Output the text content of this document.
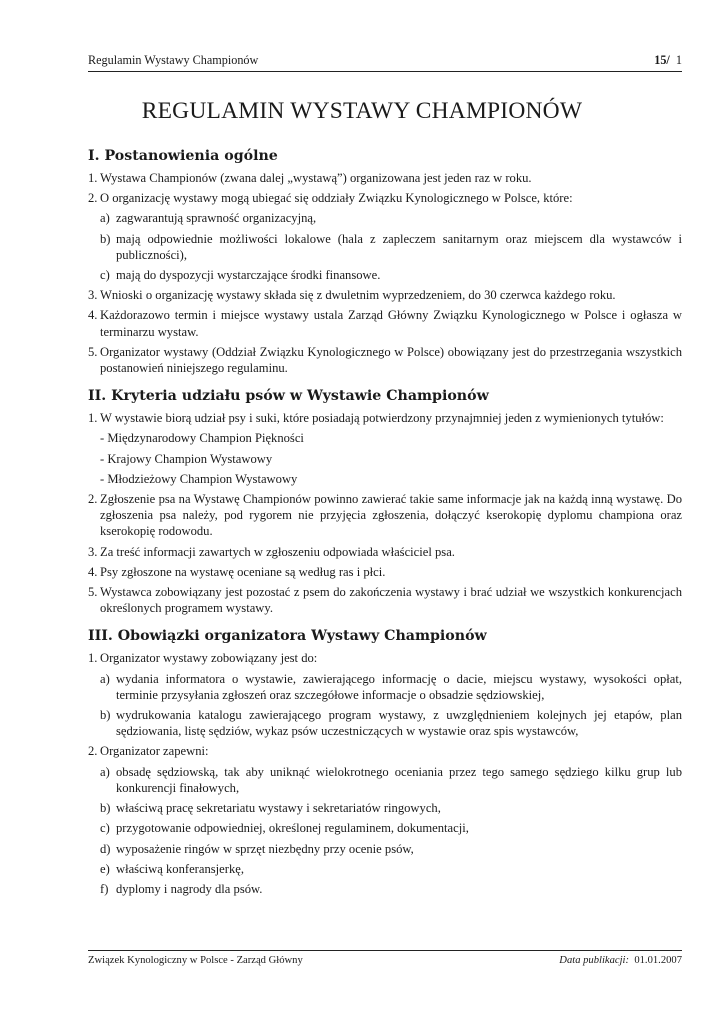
Regulamin Wystawy Championów	15/ 1
REGULAMIN WYSTAWY CHAMPIONÓW
I. Postanowienia ogólne
1. Wystawa Championów (zwana dalej „wystawą”) organizowana jest jeden raz w roku.
2. O organizację wystawy mogą ubiegać się oddziały Związku Kynologicznego w Polsce, które:
a) zagwarantują sprawność organizacyjną,
b) mają odpowiednie możliwości lokalowe (hala z zapleczem sanitarnym oraz miejscem dla wystawców i publiczności),
c) mają do dyspozycji wystarczające środki finansowe.
3. Wnioski o organizację wystawy składa się z dwuletnim wyprzedzeniem, do 30 czerwca każdego roku.
4. Każdorazowo termin i miejsce wystawy ustala Zarząd Główny Związku Kynologicznego w Polsce i ogłasza w terminarzu wystaw.
5. Organizator wystawy (Oddział Związku Kynologicznego w Polsce) obowiązany jest do przestrzegania wszystkich postanowień niniejszego regulaminu.
II. Kryteria udziału psów w Wystawie Championów
1. W wystawie biorą udział psy i suki, które posiadają potwierdzony przynajmniej jeden z wymienionych tytułów:
- Międzynarodowy Champion Piękności
- Krajowy Champion Wystawowy
- Młodzieżowy Champion Wystawowy
2. Zgłoszenie psa na Wystawę Championów powinno zawierać takie same informacje jak na każdą inną wystawę. Do zgłoszenia psa należy, pod rygorem nie przyjęcia zgłoszenia, dołączyć kserokopię dyplomu championa oraz kserokopię rodowodu.
3. Za treść informacji zawartych w zgłoszeniu odpowiada właściciel psa.
4. Psy zgłoszone na wystawę oceniane są według ras i płci.
5. Wystawca zobowiązany jest pozostać z psem do zakończenia wystawy i brać udział we wszystkich konkurencjach określonych programem wystawy.
III. Obowiązki organizatora Wystawy Championów
1. Organizator wystawy zobowiązany jest do:
a) wydania informatora o wystawie, zawierającego informację o dacie, miejscu wystawy, wysokości opłat, terminie przysyłania zgłoszeń oraz szczegółowe informacje o obsadzie sędziowskiej,
b) wydrukowania katalogu zawierającego program wystawy, z uwzględnieniem kolejnych jej etapów, plan sędziowania, listę sędziów, wykaz psów uczestniczących w wystawie oraz spis wystawców,
2. Organizator zapewni:
a) obsadę sędziowską, tak aby uniknąć wielokrotnego oceniania przez tego samego sędziego kilku grup lub konkurencji finałowych,
b) właściwą pracę sekretariatu wystawy i sekretariatów ringowych,
c) przygotowanie odpowiedniej, określonej regulaminem, dokumentacji,
d) wyposażenie ringów w sprzęt niezbędny przy ocenie psów,
e) właściwą konferansjerkę,
f) dyplomy i nagrody dla psów.
Związek Kynologiczny w Polsce - Zarząd Główny	Data publikacji: 01.01.2007
